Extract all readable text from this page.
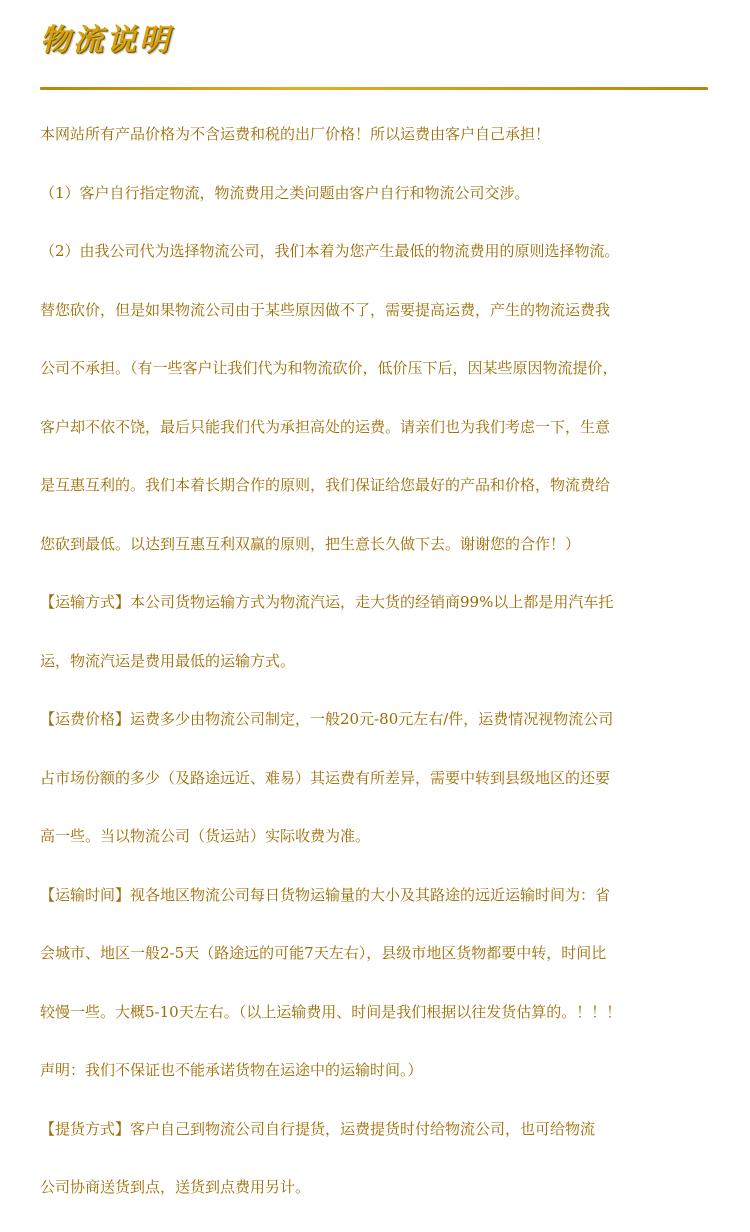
物流说明
本网站所有产品价格为不含运费和税的出厂价格！所以运费由客户自己承担！
（1）客户自行指定物流，物流费用之类问题由客户自行和物流公司交涉。
（2）由我公司代为选择物流公司，我们本着为您产生最低的物流费用的原则选择物流。
替您砍价，但是如果物流公司由于某些原因做不了，需要提高运费，产生的物流运费我
公司不承担。（有一些客户让我们代为和物流砍价，低价压下后，因某些原因物流提价，
客户却不依不饶，最后只能我们代为承担高处的运费。请亲们也为我们考虑一下，生意
是互惠互利的。我们本着长期合作的原则，我们保证给您最好的产品和价格，物流费给
您砍到最低。以达到互惠互利双赢的原则，把生意长久做下去。谢谢您的合作！）
【运输方式】本公司货物运输方式为物流汽运，走大货的经销商99%以上都是用汽车托
运，物流汽运是费用最低的运输方式。
【运费价格】运费多少由物流公司制定，一般20元-80元左右/件，运费情况视物流公司
占市场份额的多少（及路途远近、难易）其运费有所差异，需要中转到县级地区的还要
高一些。当以物流公司（货运站）实际收费为准。
【运输时间】视各地区物流公司每日货物运输量的大小及其路途的远近运输时间为：省
会城市、地区一般2-5天（路途远的可能7天左右），县级市地区货物都要中转，时间比
较慢一些。大概5-10天左右。（以上运输费用、时间是我们根据以往发货估算的。！！！
声明：我们不保证也不能承诺货物在运途中的运输时间。）
【提货方式】客户自己到物流公司自行提货，运费提货时付给物流公司，也可给物流
公司协商送货到点，送货到点费用另计。
